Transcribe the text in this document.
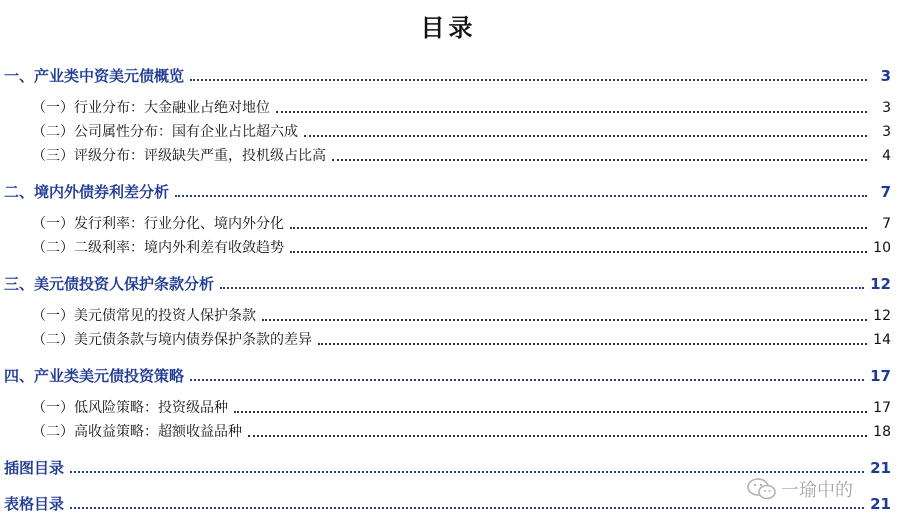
目录
一、产业类中资美元债概览	3
（一）行业分布：大金融业占绝对地位	3
（二）公司属性分布：国有企业占比超六成	3
（三）评级分布：评级缺失严重，投机级占比高	4
二、境内外债券利差分析	7
（一）发行利率：行业分化、境内外分化	7
（二）二级利率：境内外利差有收敛趋势	10
三、美元债投资人保护条款分析	12
（一）美元债常见的投资人保护条款	12
（二）美元债条款与境内债券保护条款的差异	14
四、产业类美元债投资策略	17
（一）低风险策略：投资级品种	17
（二）高收益策略：超额收益品种	18
插图目录	21
表格目录	21
一瑜中的
